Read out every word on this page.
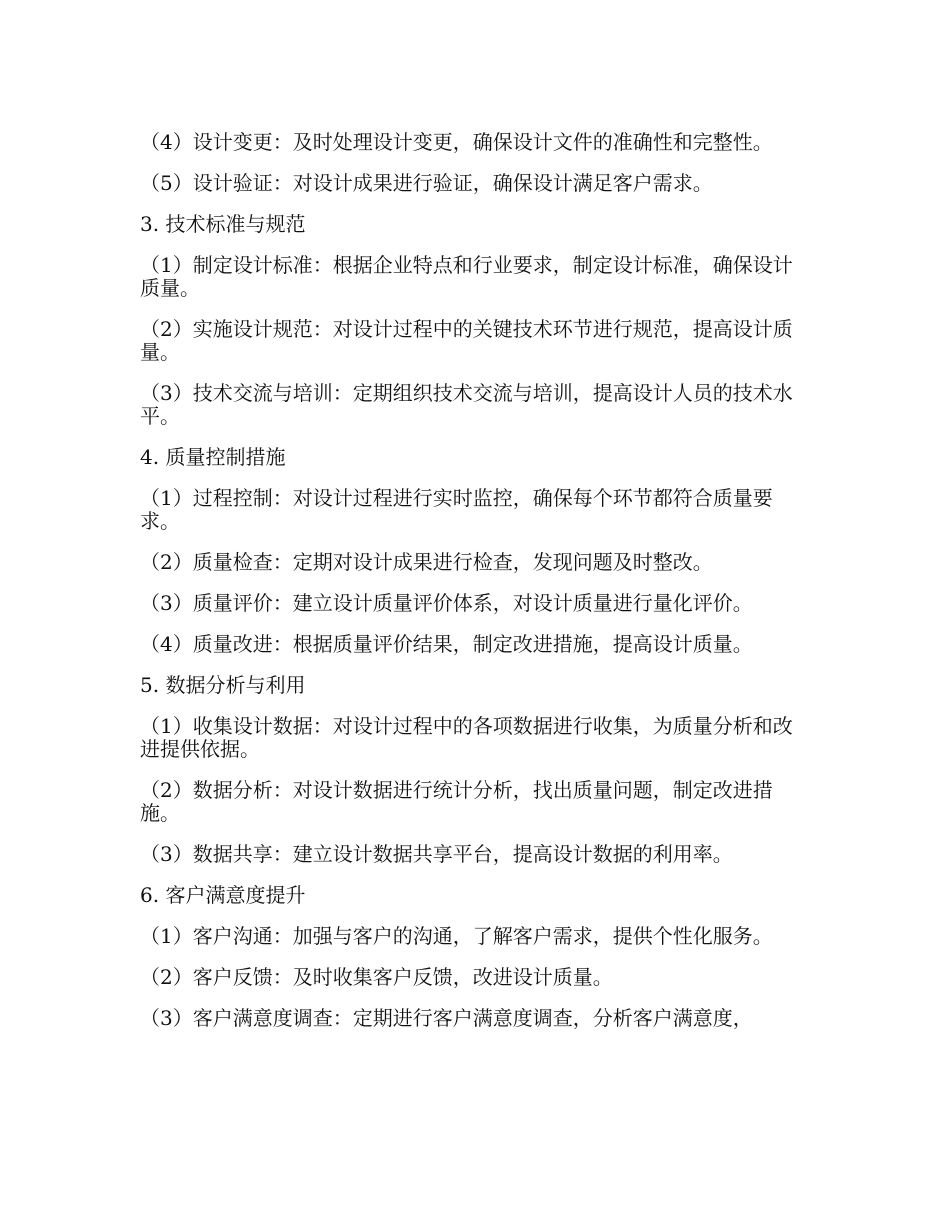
（4）设计变更：及时处理设计变更，确保设计文件的准确性和完整性。

（5）设计验证：对设计成果进行验证，确保设计满足客户需求。

3. 技术标准与规范

（1）制定设计标准：根据企业特点和行业要求，制定设计标准，确保设计质量。

（2）实施设计规范：对设计过程中的关键技术环节进行规范，提高设计质量。

（3）技术交流与培训：定期组织技术交流与培训，提高设计人员的技术水平。

4. 质量控制措施

（1）过程控制：对设计过程进行实时监控，确保每个环节都符合质量要求。

（2）质量检查：定期对设计成果进行检查，发现问题及时整改。

（3）质量评价：建立设计质量评价体系，对设计质量进行量化评价。

（4）质量改进：根据质量评价结果，制定改进措施，提高设计质量。

5. 数据分析与利用

（1）收集设计数据：对设计过程中的各项数据进行收集，为质量分析和改进提供依据。

（2）数据分析：对设计数据进行统计分析，找出质量问题，制定改进措施。

（3）数据共享：建立设计数据共享平台，提高设计数据的利用率。

6. 客户满意度提升

（1）客户沟通：加强与客户的沟通，了解客户需求，提供个性化服务。

（2）客户反馈：及时收集客户反馈，改进设计质量。

（3）客户满意度调查：定期进行客户满意度调查，分析客户满意度，
